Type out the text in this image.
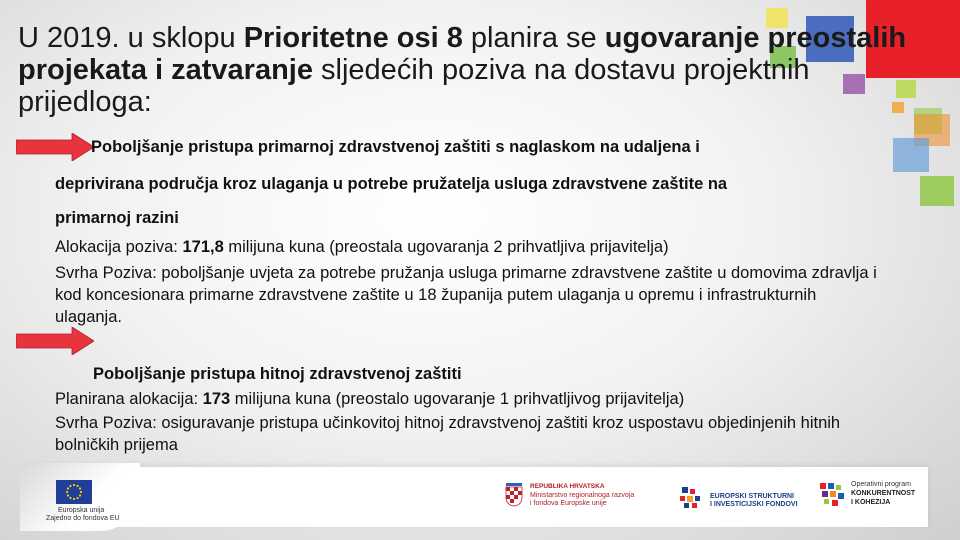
U 2019. u sklopu Prioritetne osi 8 planira se ugovaranje preostalih projekata i zatvaranje sljedećih poziva na dostavu projektnih prijedloga:
Poboljšanje pristupa primarnoj zdravstvenoj zaštiti s naglaskom na udaljena i
deprivirana područja kroz ulaganja u potrebe pružatelja usluga zdravstvene zaštite na
primarnoj razini
Alokacija poziva: 171,8 milijuna kuna (preostala ugovaranja 2 prihvatljiva prijavitelja)
Svrha Poziva: poboljšanje uvjeta za potrebe pružanja usluga primarne zdravstvene zaštite u domovima zdravlja i kod koncesionara primarne zdravstvene zaštite u 18 županija putem ulaganja u opremu i infrastrukturnih ulaganja.
Poboljšanje pristupa hitnoj zdravstvenoj zaštiti
Planirana alokacija: 173 milijuna kuna (preostalo ugovaranje 1 prihvatljivog prijavitelja)
Svrha Poziva: osiguravanje pristupa učinkovitoj hitnoj zdravstvenoj zaštiti kroz uspostavu objedinjenih hitnih bolničkih prijema
Europska unija
Zajedno do fondova EU
REPUBLIKA HRVATSKA
Ministarstvo regionalnoga razvoja
i fondova Europske unije
EUROPSKI STRUKTURNI
I INVESTICIJSKI FONDOVI
Operativni program
KONKURENTNOST
I KOHEZIJA
